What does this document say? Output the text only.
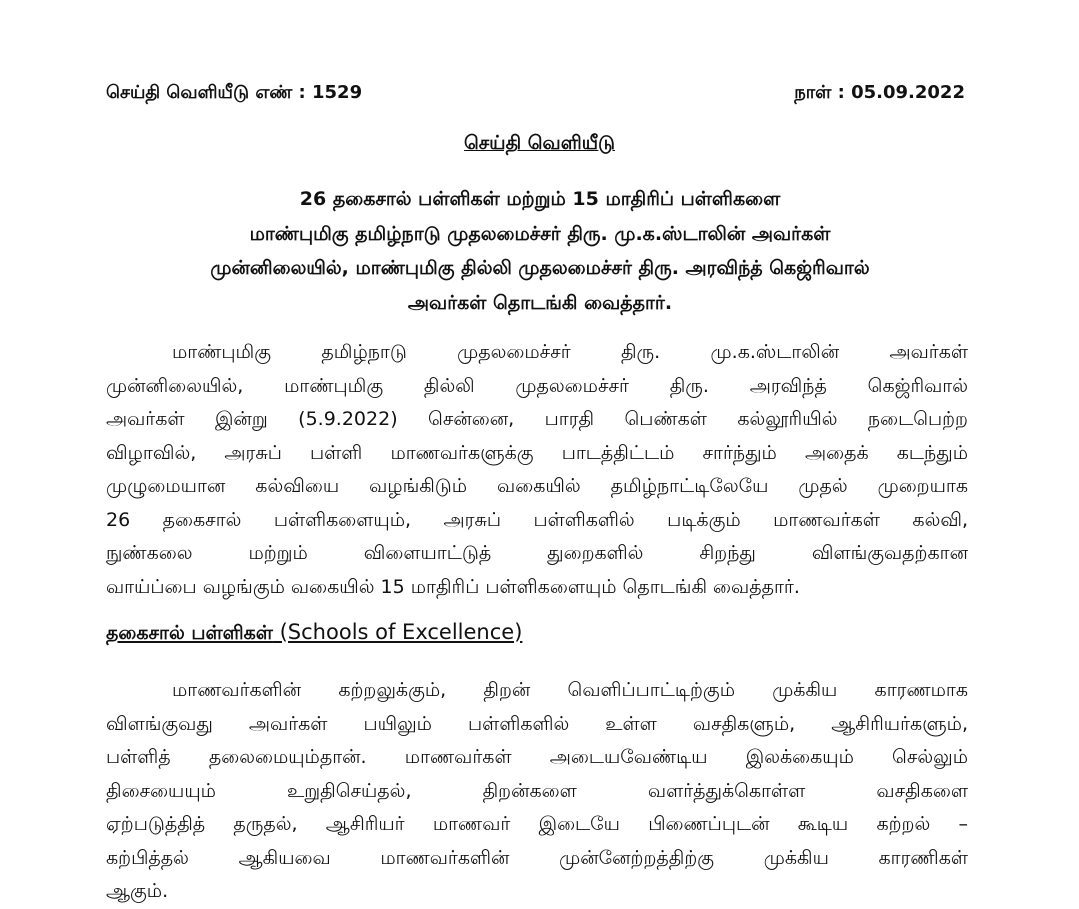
செய்தி வெளியீடு எண் : 1529	நாள் : 05.09.2022
செய்தி வெளியீடு
26 தகைசால் பள்ளிகள் மற்றும் 15 மாதிரிப் பள்ளிகளை
மாண்புமிகு தமிழ்நாடு முதலமைச்சர் திரு. மு.க.ஸ்டாலின் அவர்கள்
முன்னிலையில், மாண்புமிகு தில்லி முதலமைச்சர் திரு. அரவிந்த் கெஜ்ரிவால்
அவர்கள் தொடங்கி வைத்தார்.
மாண்புமிகு தமிழ்நாடு முதலமைச்சர் திரு. மு.க.ஸ்டாலின் அவர்கள்
முன்னிலையில், மாண்புமிகு தில்லி முதலமைச்சர் திரு. அரவிந்த் கெஜ்ரிவால்
அவர்கள் இன்று (5.9.2022) சென்னை, பாரதி பெண்கள் கல்லூரியில் நடைபெற்ற
விழாவில், அரசுப் பள்ளி மாணவர்களுக்கு பாடத்திட்டம் சார்ந்தும் அதைக் கடந்தும்
முழுமையான கல்வியை வழங்கிடும் வகையில் தமிழ்நாட்டிலேயே முதல் முறையாக
26 தகைசால் பள்ளிகளையும், அரசுப் பள்ளிகளில் படிக்கும் மாணவர்கள் கல்வி,
நுண்கலை மற்றும் விளையாட்டுத் துறைகளில் சிறந்து விளங்குவதற்கான
வாய்ப்பை வழங்கும் வகையில் 15 மாதிரிப் பள்ளிகளையும் தொடங்கி வைத்தார்.
தகைசால் பள்ளிகள் (Schools of Excellence)
மாணவர்களின் கற்றலுக்கும், திறன் வெளிப்பாட்டிற்கும் முக்கிய காரணமாக
விளங்குவது அவர்கள் பயிலும் பள்ளிகளில் உள்ள வசதிகளும், ஆசிரியர்களும்,
பள்ளித் தலைமையும்தான். மாணவர்கள் அடையவேண்டிய இலக்கையும் செல்லும்
திசையையும் உறுதிசெய்தல், திறன்களை வளர்த்துக்கொள்ள வசதிகளை
ஏற்படுத்தித் தருதல், ஆசிரியர் மாணவர் இடையே பிணைப்புடன் கூடிய கற்றல் –
கற்பித்தல் ஆகியவை மாணவர்களின் முன்னேற்றத்திற்கு முக்கிய காரணிகள்
ஆகும்.
